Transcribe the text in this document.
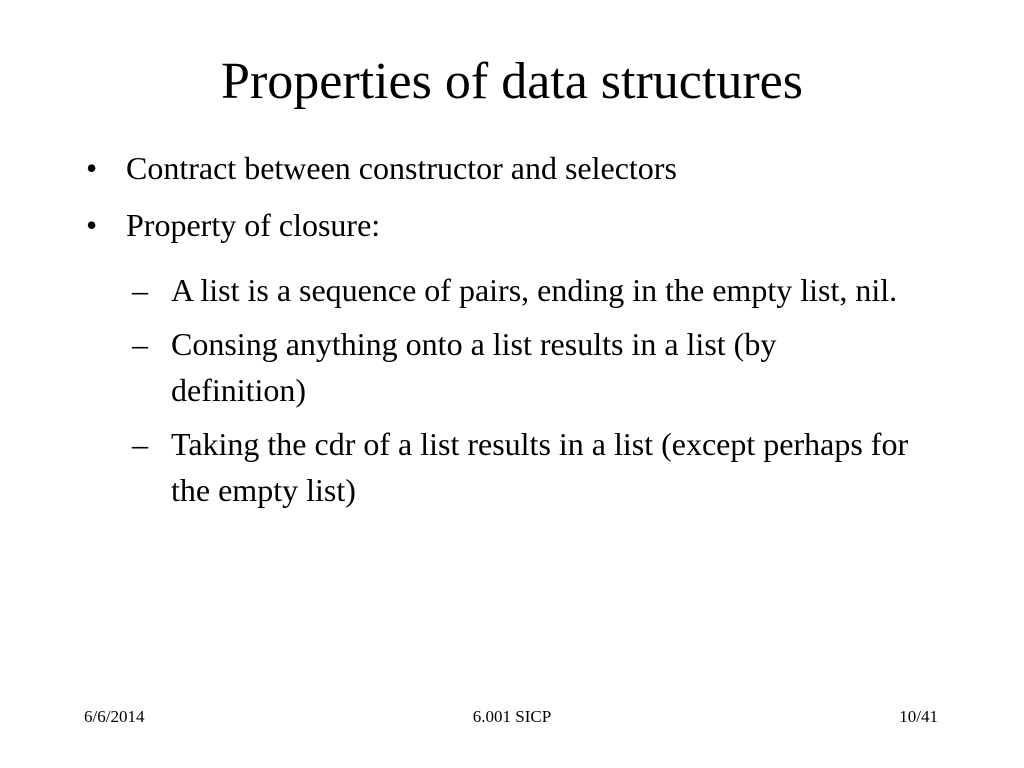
Properties of data structures
• Contract between constructor and selectors
• Property of closure:
– A list is a sequence of pairs, ending in the empty list, nil.
– Consing anything onto a list results in a list (by definition)
– Taking the cdr of a list results in a list (except perhaps for the empty list)
6/6/2014	6.001 SICP	10/41
